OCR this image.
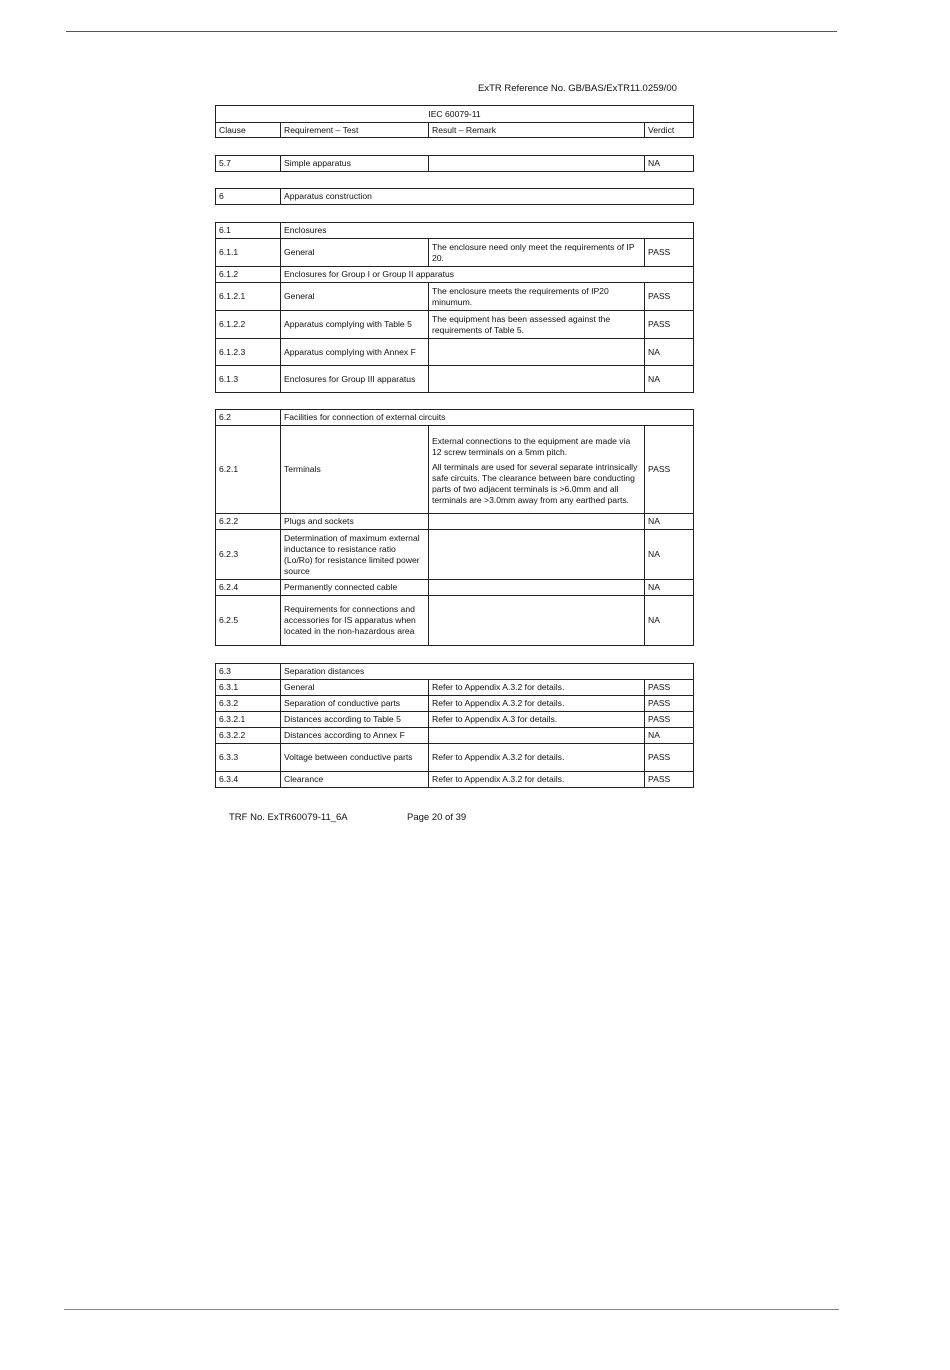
ExTR Reference No. GB/BAS/ExTR11.0259/00
IEC 60079-11
Clause	Requirement – Test	Result – Remark	Verdict
5.7	Simple apparatus		NA
6	Apparatus construction
6.1	Enclosures		
6.1.1	General	The enclosure need only meet the requirements of IP 20.	PASS
6.1.2	Enclosures for Group I or Group II apparatus		
6.1.2.1	General	The enclosure meets the requirements of IP20 minumum.	PASS
6.1.2.2	Apparatus complying with Table 5	The equipment has been assessed against the requirements of Table 5.	PASS
6.1.2.3	Apparatus complying with Annex F		NA
6.1.3	Enclosures for Group III apparatus		NA
6.2	Facilities for connection of external circuits		
6.2.1	Terminals	External connections to the equipment are made via 12 screw terminals on a 5mm pitch.

All terminals are used for several separate intrinsically safe circuits. The clearance between bare conducting parts of two adjacent terminals is >6.0mm and all terminals are >3.0mm away from any earthed parts.	PASS
6.2.2	Plugs and sockets		NA
6.2.3	Determination of maximum external inductance to resistance ratio (Lo/Ro) for resistance limited power source		NA
6.2.4	Permanently connected cable		NA
6.2.5	Requirements for connections and accessories for IS apparatus when located in the non-hazardous area		NA
6.3	Separation distances		
6.3.1	General	Refer to Appendix A.3.2 for details.	PASS
6.3.2	Separation of conductive parts	Refer to Appendix A.3.2 for details.	PASS
6.3.2.1	Distances according to Table 5	Refer to Appendix A.3 for details.	PASS
6.3.2.2	Distances according to Annex F		NA
6.3.3	Voltage between conductive parts	Refer to Appendix A.3.2 for details.	PASS
6.3.4	Clearance	Refer to Appendix A.3.2 for details.	PASS
TRF No. ExTR60079-11_6A	Page 20 of 39
